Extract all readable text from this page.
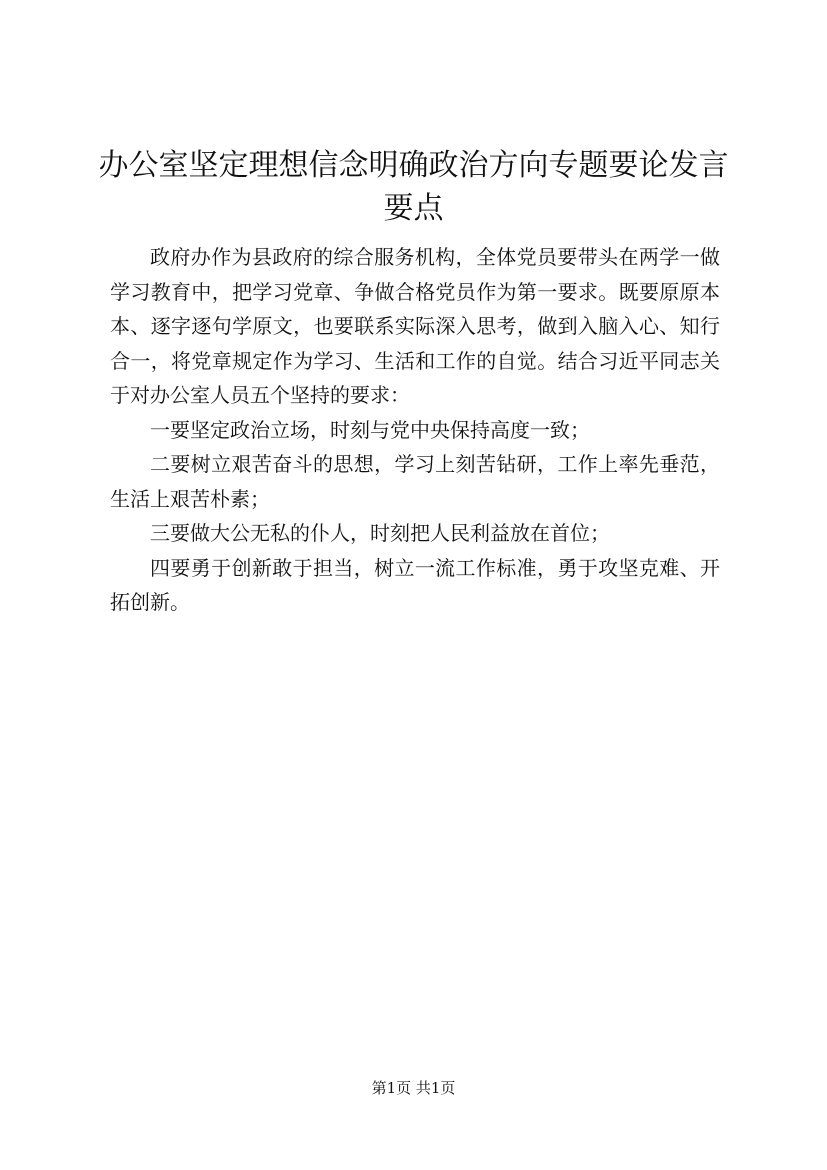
办公室坚定理想信念明确政治方向专题要论发言要点

政府办作为县政府的综合服务机构，全体党员要带头在两学一做学习教育中，把学习党章、争做合格党员作为第一要求。既要原原本本、逐字逐句学原文，也要联系实际深入思考，做到入脑入心、知行合一，将党章规定作为学习、生活和工作的自觉。结合习近平同志关于对办公室人员五个坚持的要求：

一要坚定政治立场，时刻与党中央保持高度一致；

二要树立艰苦奋斗的思想，学习上刻苦钻研，工作上率先垂范，生活上艰苦朴素；

三要做大公无私的仆人，时刻把人民利益放在首位；

四要勇于创新敢于担当，树立一流工作标准，勇于攻坚克难、开拓创新。

第1页 共1页
